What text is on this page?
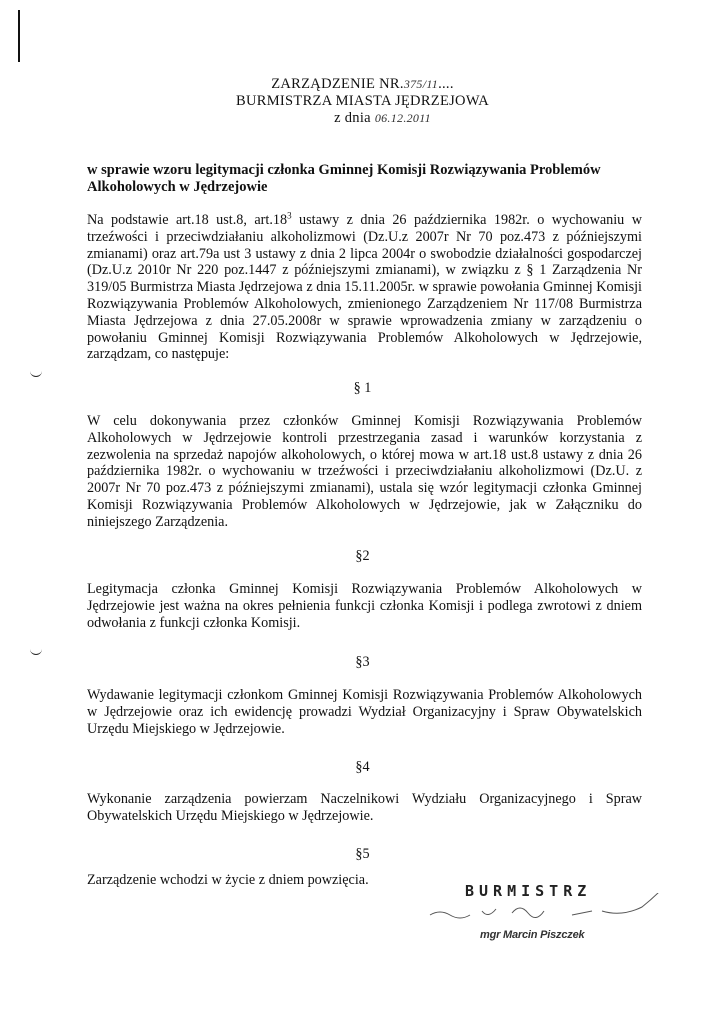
ZARZĄDZENIE NR.375/11....
BURMISTRZA MIASTA JĘDRZEJOWA
z dnia 06.12.2011
w sprawie wzoru legitymacji członka Gminnej Komisji Rozwiązywania Problemów Alkoholowych w Jędrzejowie
Na podstawie art.18 ust.8, $art.18^3$ ustawy z dnia 26 października 1982r. o wychowaniu w trzeźwości i przeciwdziałaniu alkoholizmowi (Dz.U.z 2007r Nr 70 poz.473 z późniejszymi zmianami) oraz art.79a ust 3 ustawy z dnia 2 lipca 2004r o swobodzie działalności gospodarczej (Dz.U.z 2010r Nr 220 poz.1447 z późniejszymi zmianami), w związku z § 1 Zarządzenia Nr 319/05 Burmistrza Miasta Jędrzejowa z dnia 15.11.2005r. w sprawie powołania Gminnej Komisji Rozwiązywania Problemów Alkoholowych, zmienionego Zarządzeniem Nr 117/08 Burmistrza Miasta Jędrzejowa z dnia 27.05.2008r w sprawie wprowadzenia zmiany w zarządzeniu o powołaniu Gminnej Komisji Rozwiązywania Problemów Alkoholowych w Jędrzejowie, zarządzam, co następuje:
§ 1
W celu dokonywania przez członków Gminnej Komisji Rozwiązywania Problemów Alkoholowych w Jędrzejowie kontroli przestrzegania zasad i warunków korzystania z zezwolenia na sprzedaż napojów alkoholowych, o której mowa w art.18 ust.8 ustawy z dnia 26 października 1982r. o wychowaniu w trzeźwości i przeciwdziałaniu alkoholizmowi (Dz.U. z 2007r Nr 70 poz.473 z późniejszymi zmianami), ustala się wzór legitymacji członka Gminnej Komisji Rozwiązywania Problemów Alkoholowych w Jędrzejowie, jak w Załączniku do niniejszego Zarządzenia.
§2
Legitymacja członka Gminnej Komisji Rozwiązywania Problemów Alkoholowych w Jędrzejowie jest ważna na okres pełnienia funkcji członka Komisji i podlega zwrotowi z dniem odwołania z funkcji członka Komisji.
§3
Wydawanie legitymacji członkom Gminnej Komisji Rozwiązywania Problemów Alkoholowych w Jędrzejowie oraz ich ewidencję prowadzi Wydział Organizacyjny i Spraw Obywatelskich Urzędu Miejskiego w Jędrzejowie.
§4
Wykonanie zarządzenia powierzam Naczelnikowi Wydziału Organizacyjnego i Spraw Obywatelskich Urzędu Miejskiego w Jędrzejowie.
§5
Zarządzenie wchodzi w życie z dniem powzięcia.
BURMISTRZ
mgr Marcin Piszczek
